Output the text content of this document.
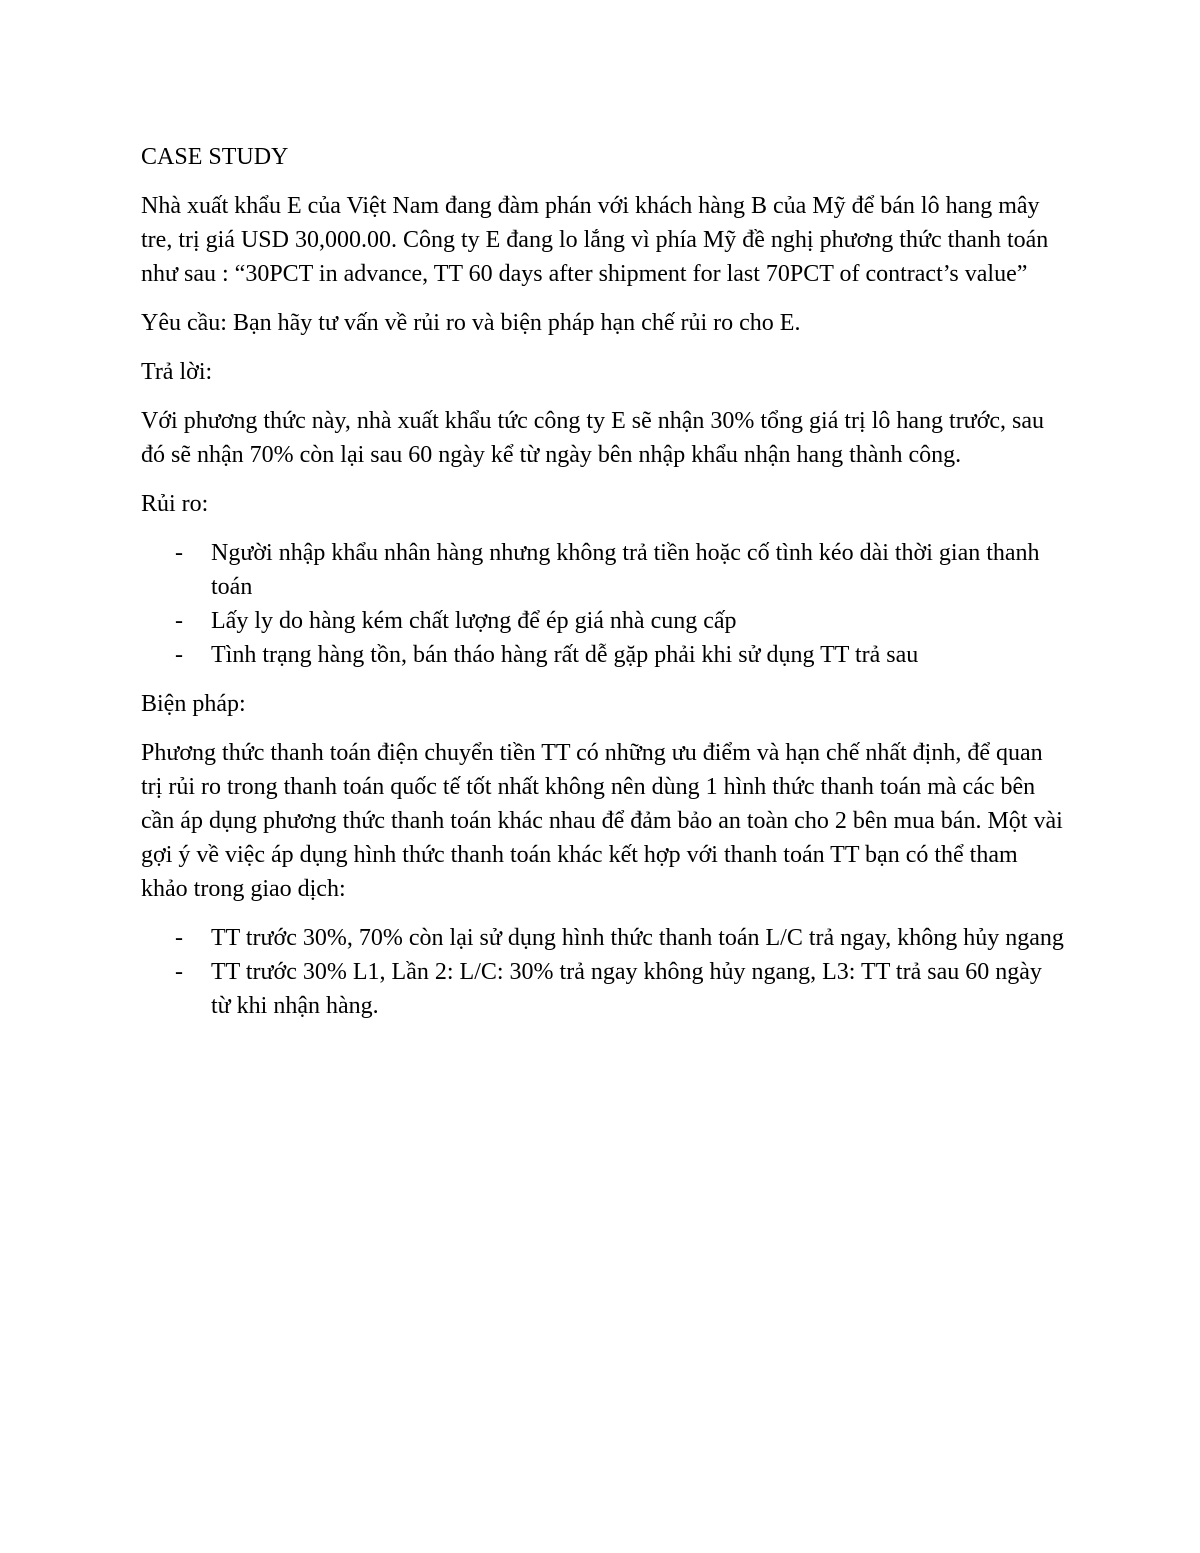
CASE STUDY

Nhà xuất khẩu E của Việt Nam đang đàm phán với khách hàng B của Mỹ để bán lô hang mây tre, trị giá USD 30,000.00. Công ty E đang lo lắng vì phía Mỹ đề nghị phương thức thanh toán như sau : “30PCT in advance, TT 60 days after shipment for last 70PCT of contract’s value”

Yêu cầu: Bạn hãy tư vấn về rủi ro và biện pháp hạn chế rủi ro cho E.

Trả lời:

Với phương thức này, nhà xuất khẩu tức công ty E sẽ nhận 30% tổng giá trị lô hang trước, sau đó sẽ nhận 70% còn lại sau 60 ngày kể từ ngày bên nhập khẩu nhận hang thành công.

Rủi ro:

- Người nhập khẩu nhân hàng nhưng không trả tiền hoặc cố tình kéo dài thời gian thanh toán
- Lấy ly do hàng kém chất lượng để ép giá nhà cung cấp
- Tình trạng hàng tồn, bán tháo hàng rất dễ gặp phải khi sử dụng TT trả sau

Biện pháp:

Phương thức thanh toán điện chuyển tiền TT có những ưu điểm và hạn chế nhất định, để quan trị rủi ro trong thanh toán quốc tế tốt nhất không nên dùng 1 hình thức thanh toán mà các bên cần áp dụng phương thức thanh toán khác nhau để đảm bảo an toàn cho 2 bên mua bán. Một vài gợi ý về việc áp dụng hình thức thanh toán khác kết hợp với thanh toán TT bạn có thể tham khảo trong giao dịch:

- TT trước 30%, 70% còn lại sử dụng hình thức thanh toán L/C trả ngay, không hủy ngang
- TT trước 30% L1, Lần 2: L/C: 30% trả ngay không hủy ngang, L3: TT trả sau 60 ngày từ khi nhận hàng.
